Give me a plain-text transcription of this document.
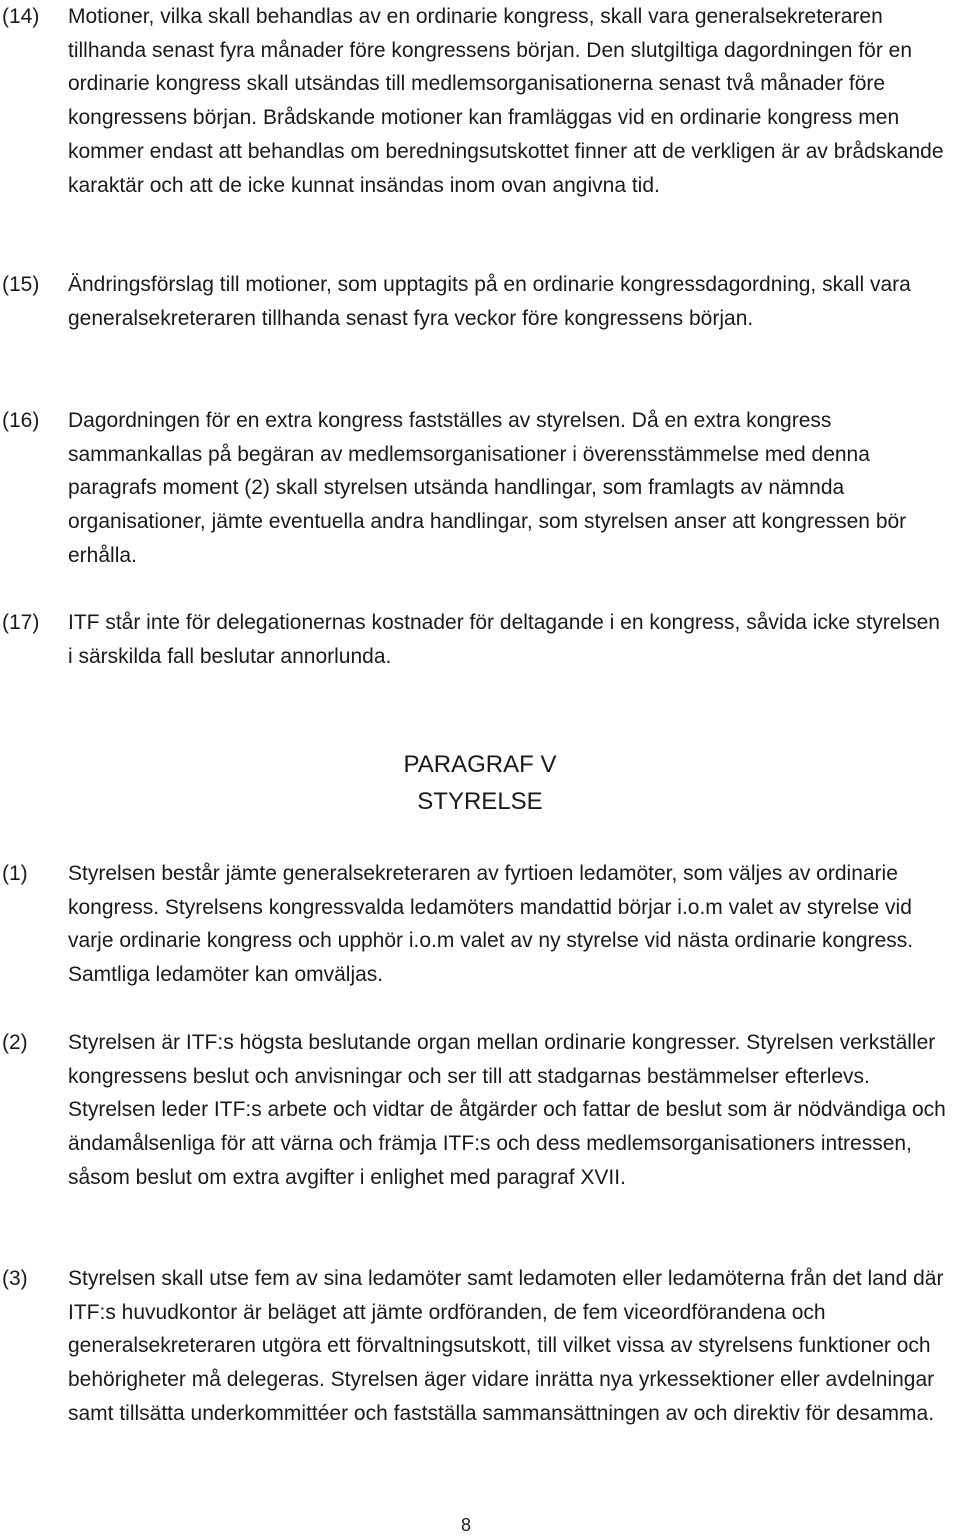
(14)	Motioner, vilka skall behandlas av en ordinarie kongress, skall vara generalsekreteraren tillhanda senast fyra månader före kongressens början. Den slutgiltiga dagordningen för en ordinarie kongress skall utsändas till medlemsorganisationerna senast två månader före kongressens början. Brådskande motioner kan framläggas vid en ordinarie kongress men kommer endast att behandlas om beredningsutskottet finner att de verkligen är av brådskande karaktär och att de icke kunnat insändas inom ovan angivna tid.
(15)	Ändringsförslag till motioner, som upptagits på en ordinarie kongressdagordning, skall vara generalsekreteraren tillhanda senast fyra veckor före kongressens början.
(16)	Dagordningen för en extra kongress fastställes av styrelsen. Då en extra kongress sammankallas på begäran av medlemsorganisationer i överensstämmelse med denna paragrafs moment (2) skall styrelsen utsända handlingar, som framlagts av nämnda organisationer, jämte eventuella andra handlingar, som styrelsen anser att kongressen bör erhålla.
(17)	ITF står inte för delegationernas kostnader för deltagande i en kongress, såvida icke styrelsen i särskilda fall beslutar annorlunda.
PARAGRAF V
STYRELSE
(1)	Styrelsen består jämte generalsekreteraren av fyrtioen ledamöter, som väljes av ordinarie kongress. Styrelsens kongressvalda ledamöters mandattid börjar i.o.m valet av styrelse vid varje ordinarie kongress och upphör i.o.m valet av ny styrelse vid nästa ordinarie kongress. Samtliga ledamöter kan omväljas.
(2)	Styrelsen är ITF:s högsta beslutande organ mellan ordinarie kongresser. Styrelsen verkställer kongressens beslut och anvisningar och ser till att stadgarnas bestämmelser efterlevs. Styrelsen leder ITF:s arbete och vidtar de åtgärder och fattar de beslut som är nödvändiga och ändamålsenliga för att värna och främja ITF:s och dess medlemsorganisationers intressen, såsom beslut om extra avgifter i enlighet med paragraf XVII.
(3)	Styrelsen skall utse fem av sina ledamöter samt ledamoten eller ledamöterna från det land där ITF:s huvudkontor är beläget att jämte ordföranden, de fem viceordförandena och generalsekreteraren utgöra ett förvaltningsutskott, till vilket vissa av styrelsens funktioner och behörigheter må delegeras. Styrelsen äger vidare inrätta nya yrkessektioner eller avdelningar samt tillsätta underkommittéer och fastställa sammansättningen av och direktiv för desamma.
8
